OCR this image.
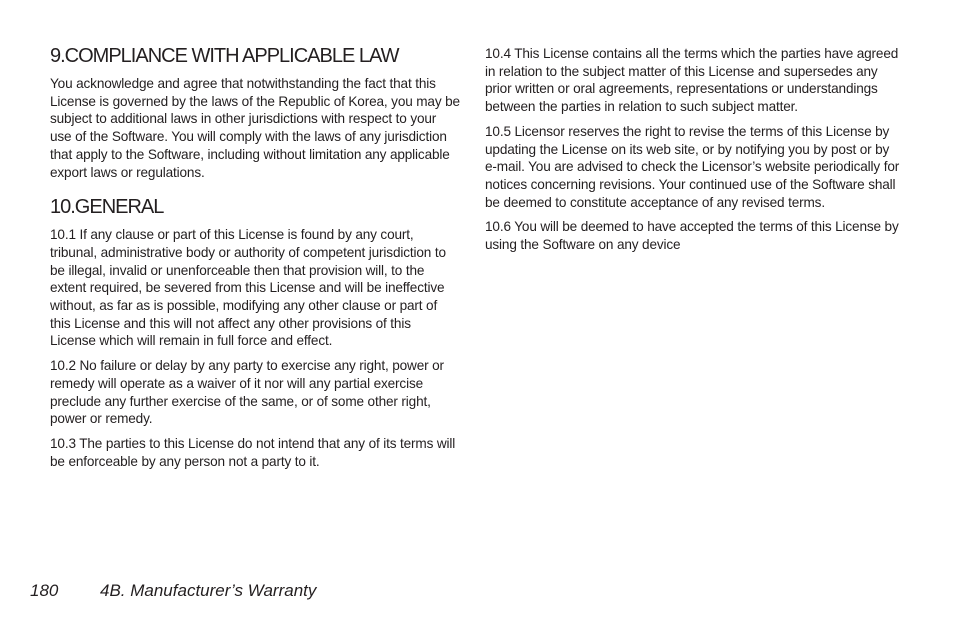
9.COMPLIANCE WITH APPLICABLE LAW

You acknowledge and agree that notwithstanding the fact that this License is governed by the laws of the Republic of Korea, you may be subject to additional laws in other jurisdictions with respect to your use of the Software. You will comply with the laws of any jurisdiction that apply to the Software, including without limitation any applicable export laws or regulations.

10.GENERAL

10.1 If any clause or part of this License is found by any court, tribunal, administrative body or authority of competent jurisdiction to be illegal, invalid or unenforceable then that provision will, to the extent required, be severed from this License and will be ineffective without, as far as is possible, modifying any other clause or part of this License and this will not affect any other provisions of this License which will remain in full force and effect.

10.2 No failure or delay by any party to exercise any right, power or remedy will operate as a waiver of it nor will any partial exercise preclude any further exercise of the same, or of some other right, power or remedy.

10.3 The parties to this License do not intend that any of its terms will be enforceable by any person not a party to it.

10.4 This License contains all the terms which the parties have agreed in relation to the subject matter of this License and supersedes any prior written or oral agreements, representations or understandings between the parties in relation to such subject matter.

10.5 Licensor reserves the right to revise the terms of this License by updating the License on its web site, or by notifying you by post or by e-mail. You are advised to check the Licensor’s website periodically for notices concerning revisions. Your continued use of the Software shall be deemed to constitute acceptance of any revised terms.

10.6 You will be deemed to have accepted the terms of this License by using the Software on any device

180 4B. Manufacturer’s Warranty
